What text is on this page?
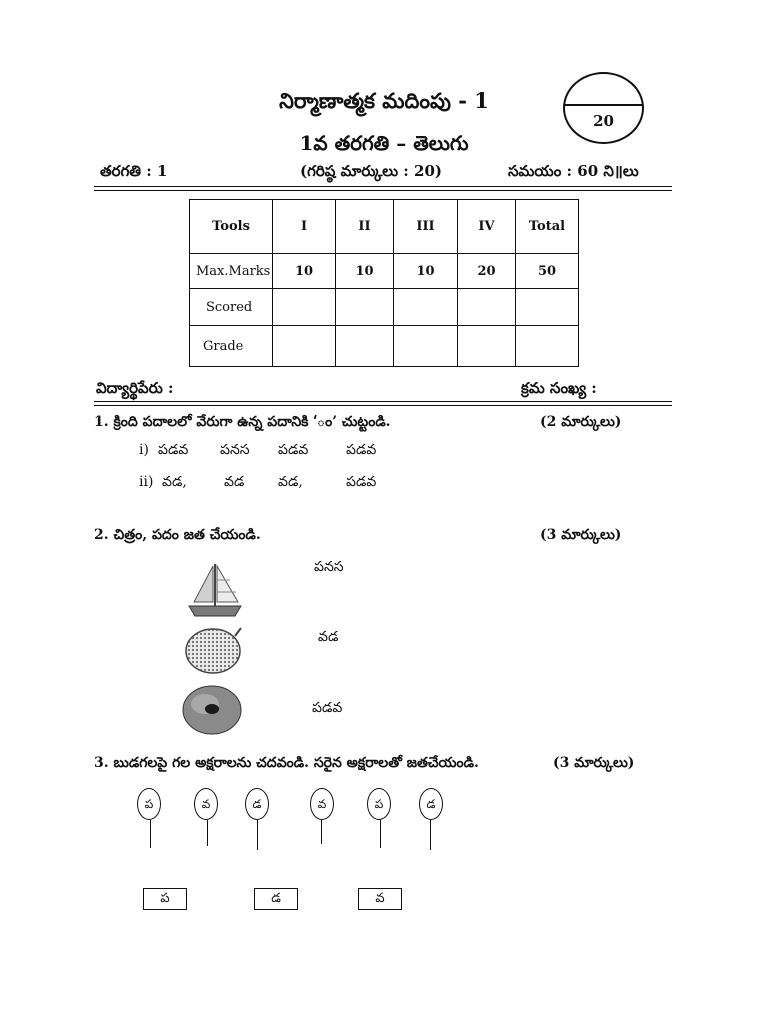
నిర్మాణాత్మక మదింపు - 1
1వ తరగతి – తెలుగు
20
తరగతి : 1	(గరిష్ఠ మార్కులు : 20)	సమయం : 60 ని॥లు
Tools	I	II	III	IV	Total
Max.Marks	10	10	10	20	50
Scored					
Grade					
విద్యార్థిపేరు :	క్రమ సంఖ్య :
1. క్రింది పదాలలో వేరుగా ఉన్న పదానికి ‘ం’ చుట్టండి.	(2 మార్కులు)
i) పడవ పనస పడవ	పడవ
ii) వడ,	వడ వడ,	పడవ
2. చిత్రం, పదం జత చేయండి.	(3 మార్కులు)
పనస
వడ
పడవ
3. బుడగలపై గల అక్షరాలను చదవండి. సరైన అక్షరాలతో జతచేయండి.	(3 మార్కులు)
ప	వ	డ	వ	ప	డ
ప	డ	వ
